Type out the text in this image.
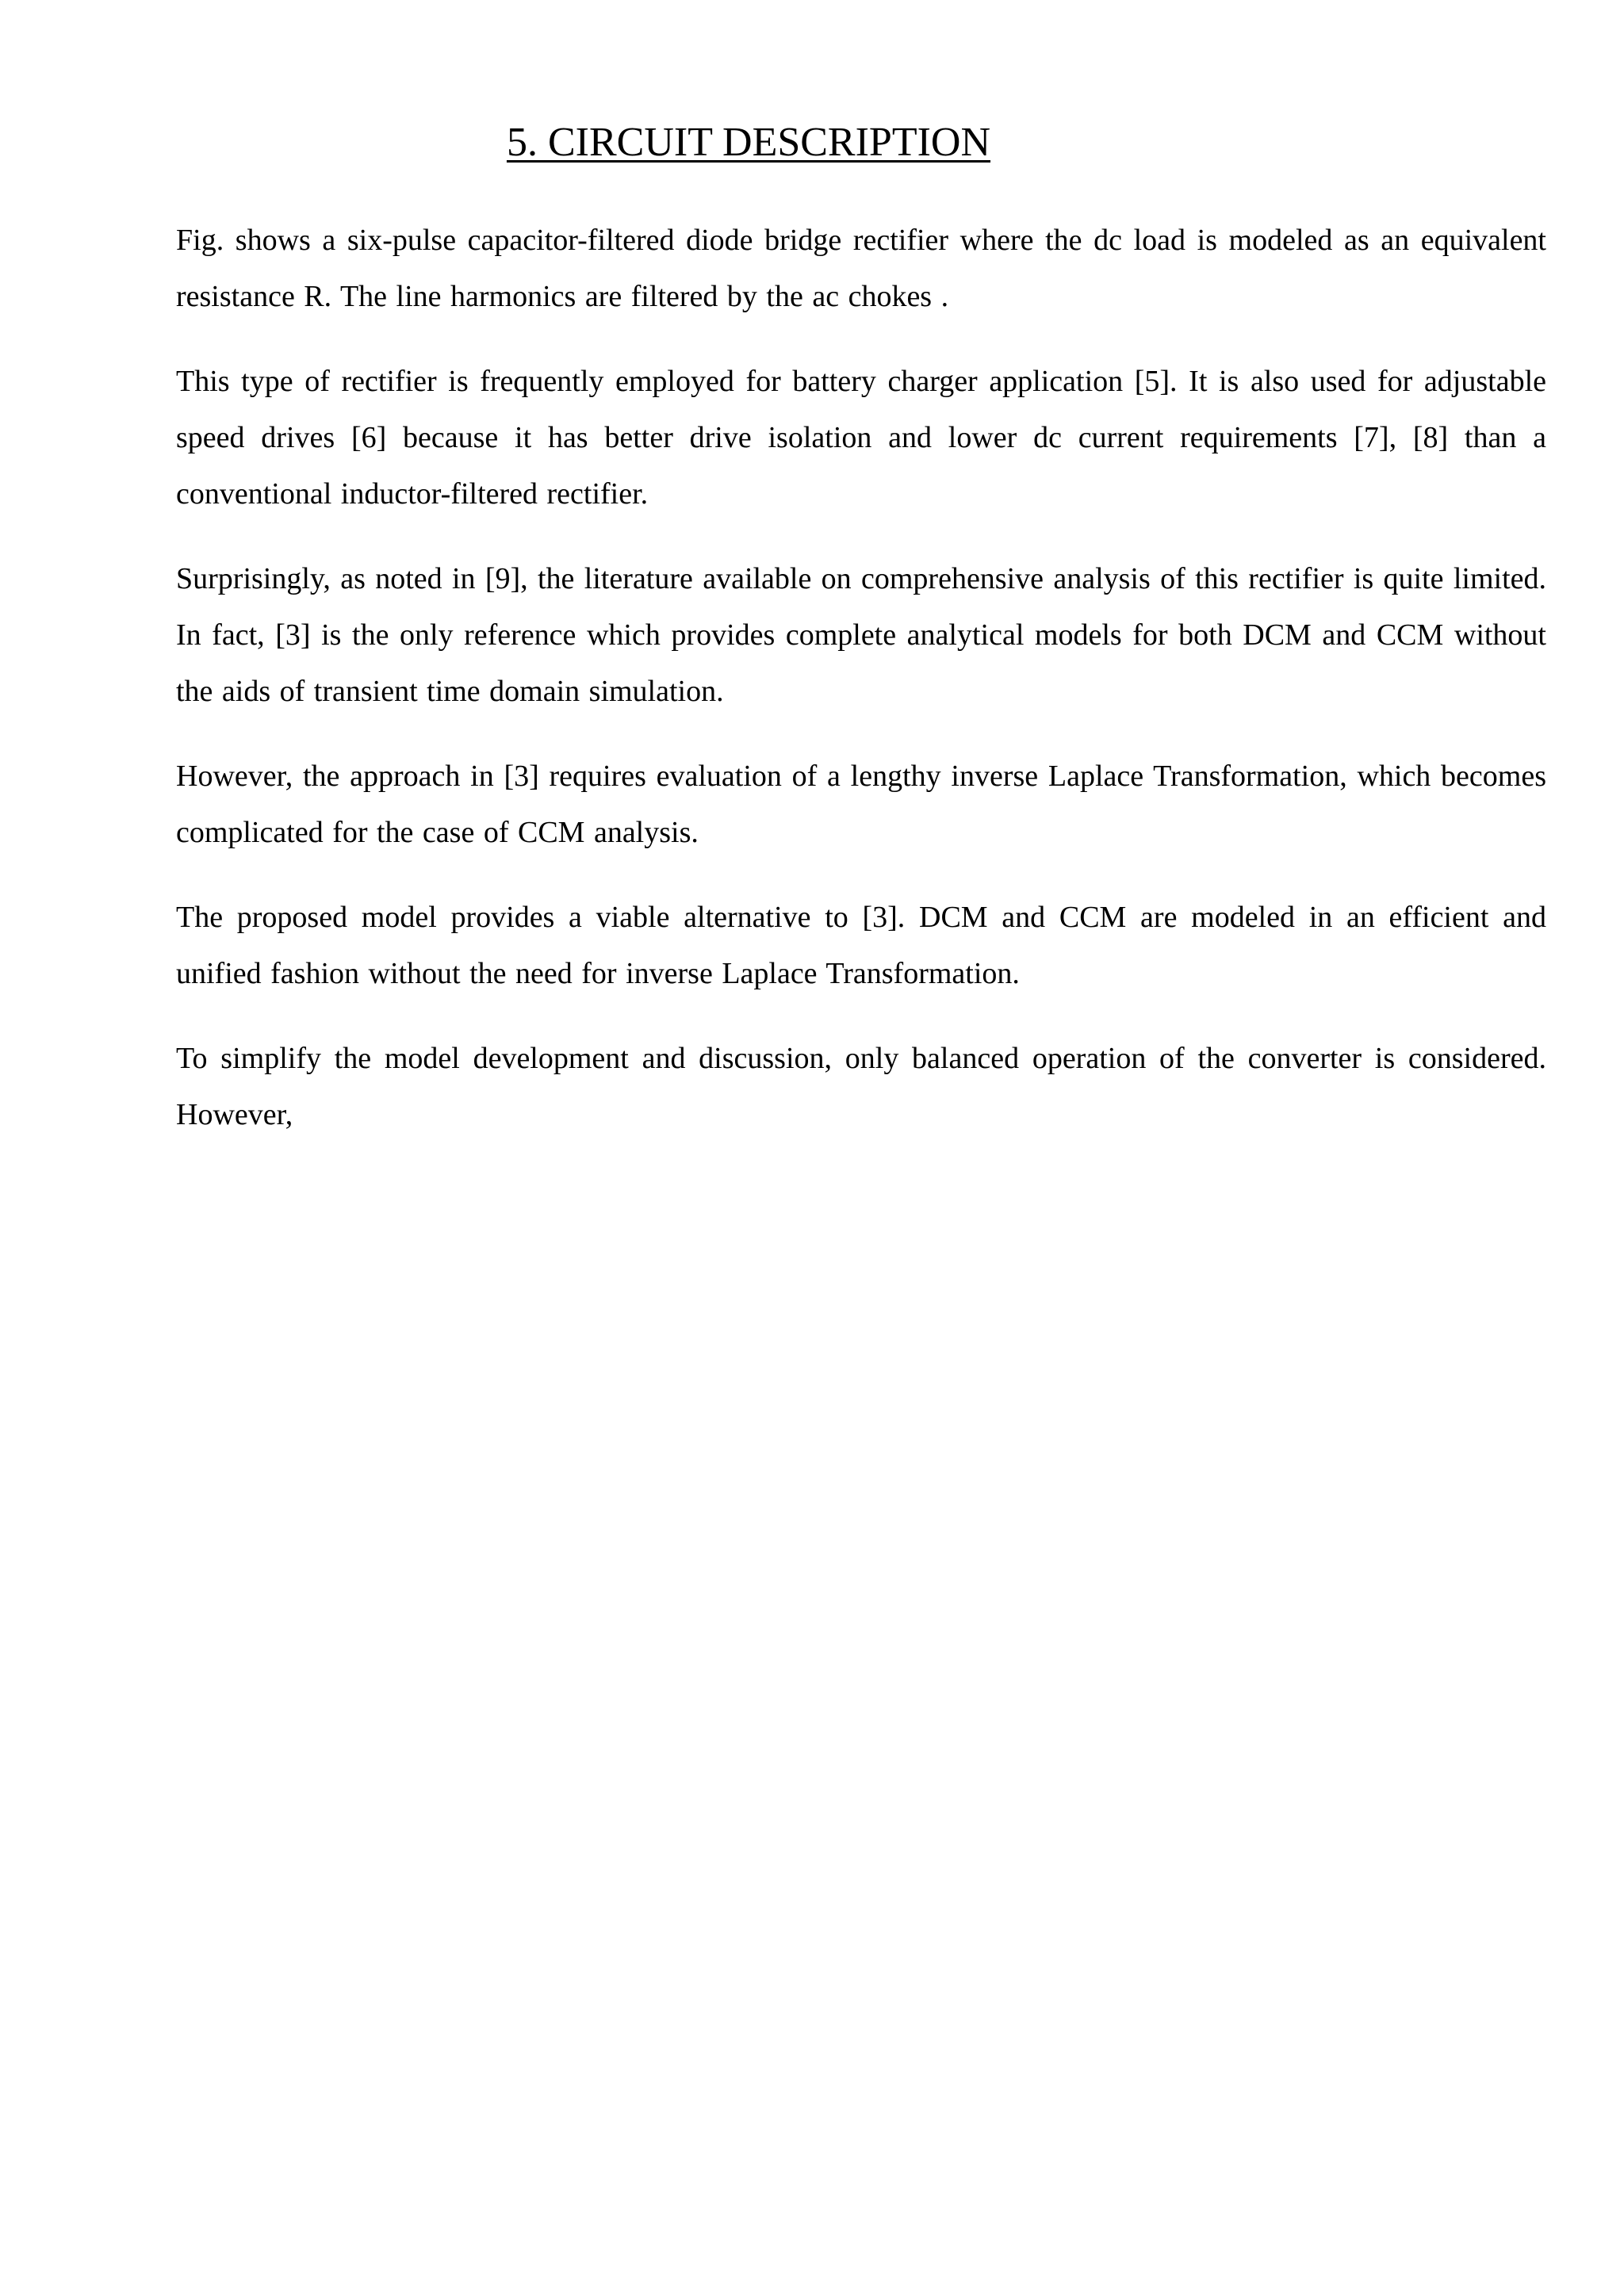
5. CIRCUIT DESCRIPTION

Fig. shows a six-pulse capacitor-filtered diode bridge rectifier where the dc load is modeled as an equivalent resistance R. The line harmonics are filtered by the ac chokes .

This type of rectifier is frequently employed for battery charger application [5]. It is also used for adjustable speed drives [6] because it has better drive isolation and lower dc current requirements [7], [8] than a conventional inductor-filtered rectifier.

Surprisingly, as noted in [9], the literature available on comprehensive analysis of this rectifier is quite limited. In fact, [3] is the only reference which provides complete analytical models for both DCM and CCM without the aids of transient time domain simulation.

However, the approach in [3] requires evaluation of a lengthy inverse Laplace Transformation, which becomes complicated for the case of CCM analysis.

The proposed model provides a viable alternative to [3]. DCM and CCM are modeled in an efficient and unified fashion without the need for inverse Laplace Transformation.

To simplify the model development and discussion, only balanced operation of the converter is considered. However,
